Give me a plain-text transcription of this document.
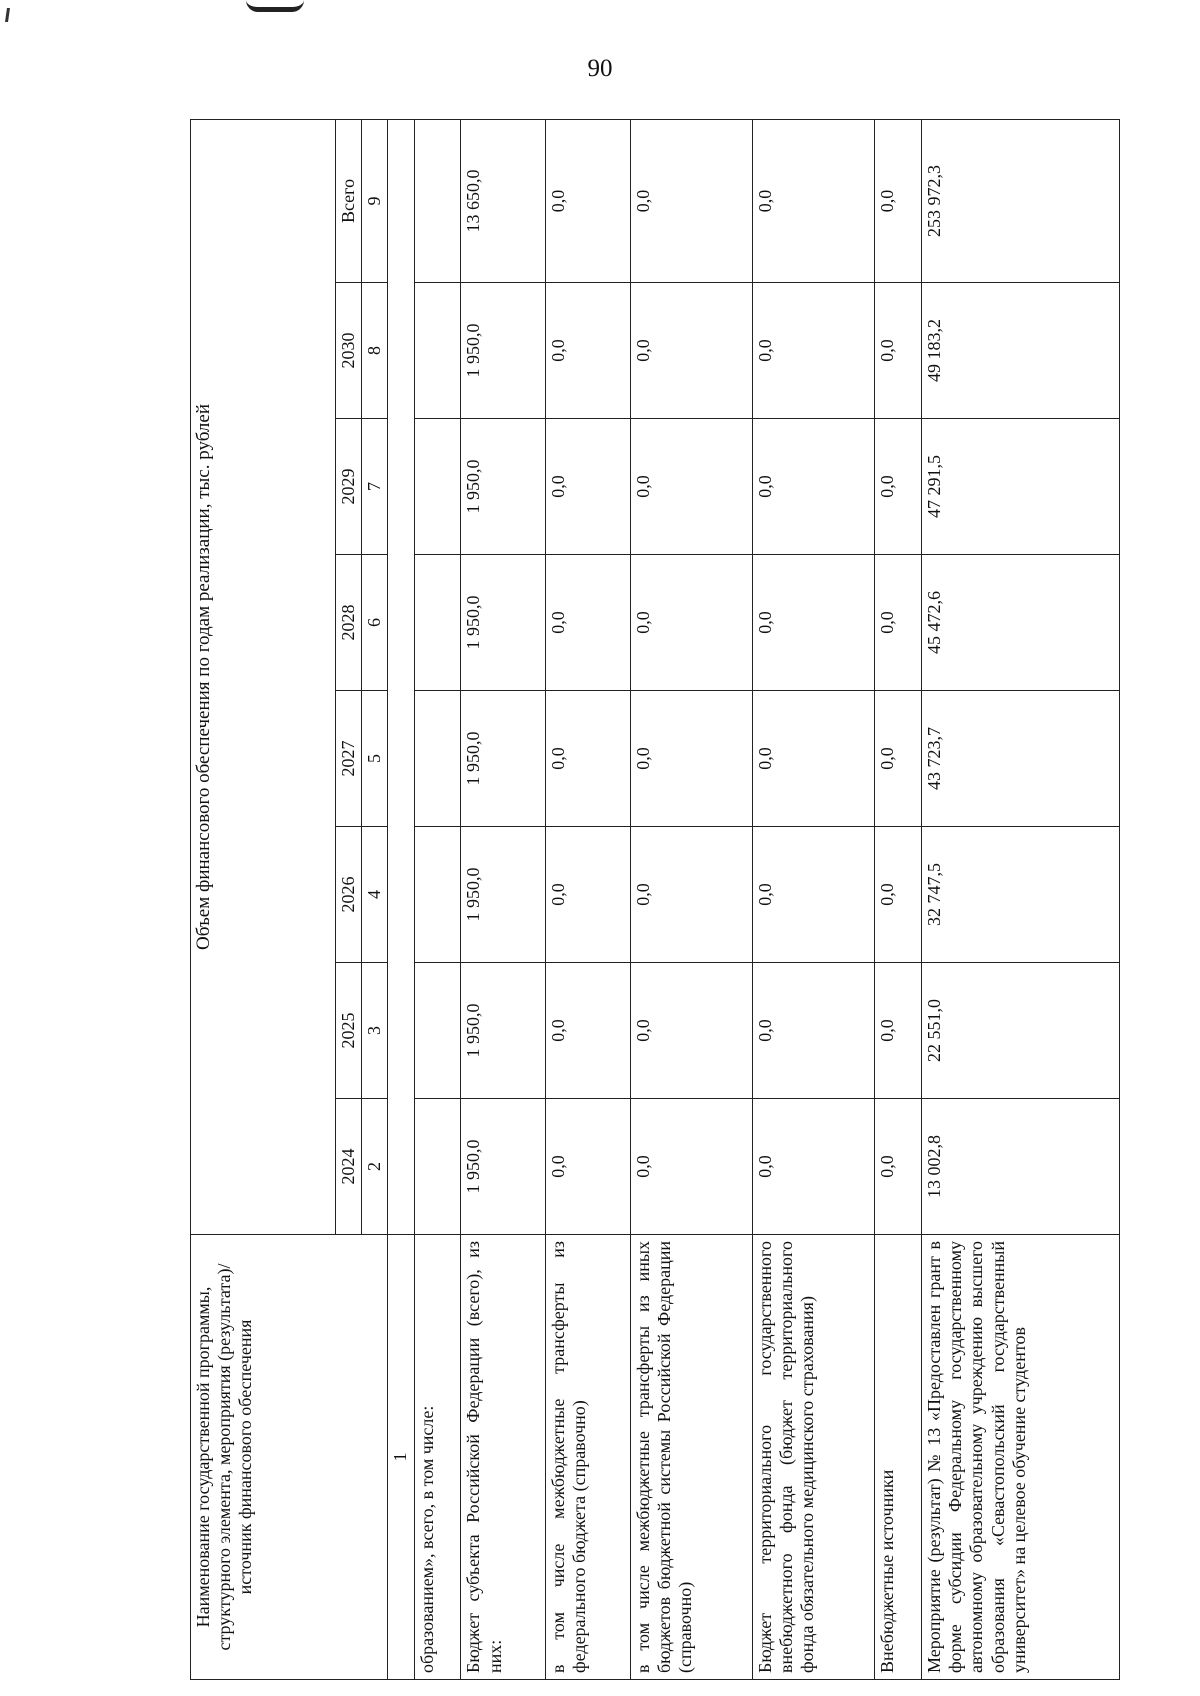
90
Наименование государственной программы, структурного элемента, мероприятия (результата)/источник финансового обеспечения	Объем финансового обеспечения по годам реализации, тыс. рублей							
	2024	2025	2026	2027	2028	2029	2030	Всего
	2	3	4	5	6	7	8	9
1								
образованием», всего, в том числе:								
Бюджет субъекта Российской Федерации (всего), из них:	1 950,0	1 950,0	1 950,0	1 950,0	1 950,0	1 950,0	1 950,0	13 650,0
в том числе межбюджетные трансферты из федерального бюджета (справочно)	0,0	0,0	0,0	0,0	0,0	0,0	0,0	0,0
в том числе межбюджетные трансферты из иных бюджетов бюджетной системы Российской Федерации (справочно)	0,0	0,0	0,0	0,0	0,0	0,0	0,0	0,0
Бюджет территориального государственного внебюджетного фонда (бюджет территориального фонда обязательного медицинского страхования)	0,0	0,0	0,0	0,0	0,0	0,0	0,0	0,0
Внебюджетные источники	0,0	0,0	0,0	0,0	0,0	0,0	0,0	0,0
Мероприятие (результат) № 13 «Предоставлен грант в форме субсидии Федеральному государственному автономному образовательному учреждению высшего образования «Севастопольский государственный университет» на целевое обучение студентов	13 002,8	22 551,0	32 747,5	43 723,7	45 472,6	47 291,5	49 183,2	253 972,3
